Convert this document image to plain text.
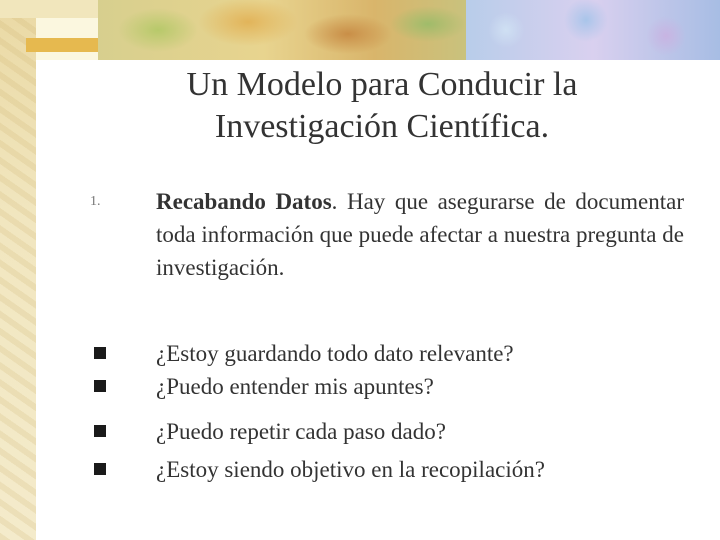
Un Modelo para Conducir la
Investigación Científica.
1. Recabando Datos. Hay que asegurarse de documentar toda información que puede afectar a nuestra pregunta de investigación.
¿Estoy guardando todo dato relevante?
¿Puedo entender mis apuntes?
¿Puedo repetir cada paso dado?
¿Estoy siendo objetivo en la recopilación?
